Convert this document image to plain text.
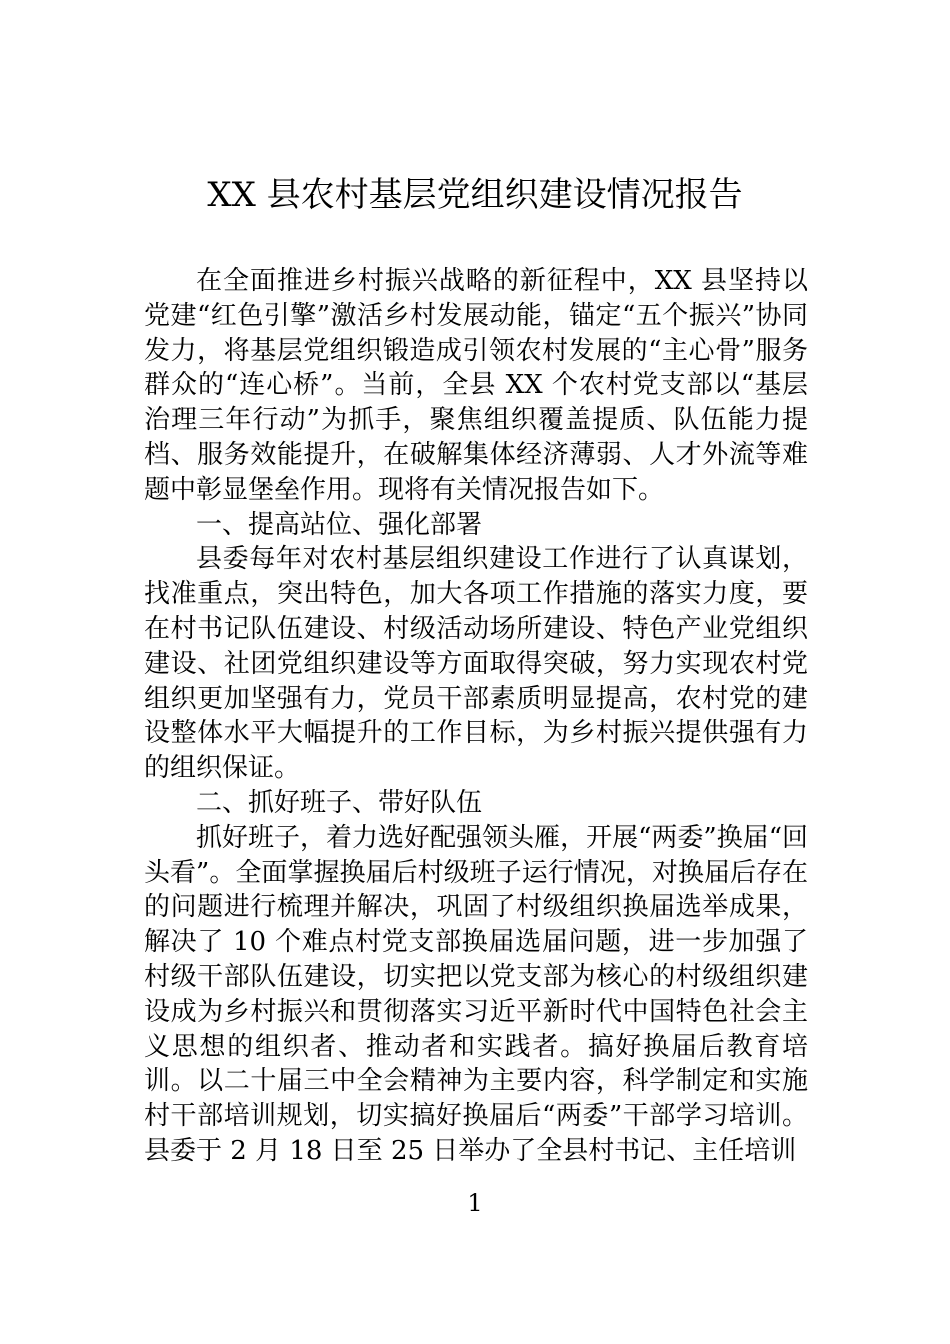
XX 县农村基层党组织建设情况报告

在全面推进乡村振兴战略的新征程中，XX 县坚持以党建“红色引擎”激活乡村发展动能，锚定“五个振兴”协同发力，将基层党组织锻造成引领农村发展的“主心骨”服务群众的“连心桥”。当前，全县 XX 个农村党支部以“基层治理三年行动”为抓手，聚焦组织覆盖提质、队伍能力提档、服务效能提升，在破解集体经济薄弱、人才外流等难题中彰显堡垒作用。现将有关情况报告如下。

一、提高站位、强化部署

县委每年对农村基层组织建设工作进行了认真谋划，找准重点，突出特色，加大各项工作措施的落实力度，要在村书记队伍建设、村级活动场所建设、特色产业党组织建设、社团党组织建设等方面取得突破，努力实现农村党组织更加坚强有力，党员干部素质明显提高，农村党的建设整体水平大幅提升的工作目标，为乡村振兴提供强有力的组织保证。

二、抓好班子、带好队伍

抓好班子，着力选好配强领头雁，开展“两委”换届“回头看”。全面掌握换届后村级班子运行情况，对换届后存在的问题进行梳理并解决，巩固了村级组织换届选举成果，解决了 10 个难点村党支部换届选届问题，进一步加强了村级干部队伍建设，切实把以党支部为核心的村级组织建设成为乡村振兴和贯彻落实习近平新时代中国特色社会主义思想的组织者、推动者和实践者。搞好换届后教育培训。以二十届三中全会精神为主要内容，科学制定和实施村干部培训规划，切实搞好换届后“两委”干部学习培训。县委于 2 月 18 日至 25 日举办了全县村书记、主任培训

1
